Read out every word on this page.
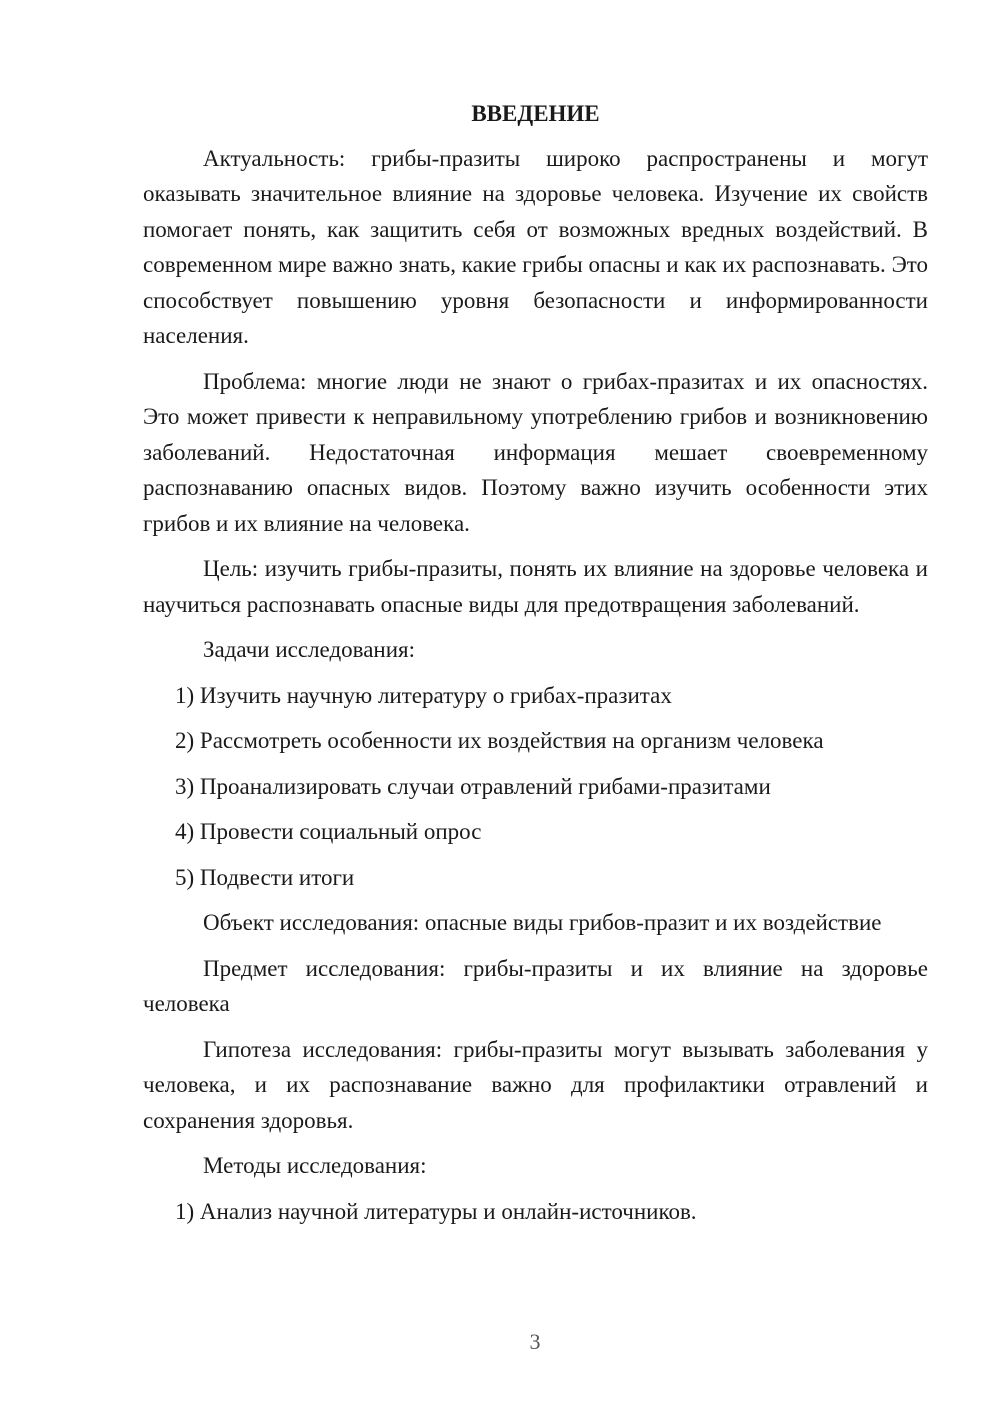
ВВЕДЕНИЕ

Актуальность: грибы-празиты широко распространены и могут оказывать значительное влияние на здоровье человека. Изучение их свойств помогает понять, как защитить себя от возможных вредных воздействий. В современном мире важно знать, какие грибы опасны и как их распознавать. Это способствует повышению уровня безопасности и информированности населения.

Проблема: многие люди не знают о грибах-празитах и их опасностях. Это может привести к неправильному употреблению грибов и возникновению заболеваний. Недостаточная информация мешает своевременному распознаванию опасных видов. Поэтому важно изучить особенности этих грибов и их влияние на человека.

Цель: изучить грибы-празиты, понять их влияние на здоровье человека и научиться распознавать опасные виды для предотвращения заболеваний.

Задачи исследования:

1) Изучить научную литературу о грибах-празитах
2) Рассмотреть особенности их воздействия на организм человека
3) Проанализировать случаи отравлений грибами-празитами
4) Провести социальный опрос
5) Подвести итоги

Объект исследования: опасные виды грибов-празит и их воздействие

Предмет исследования: грибы-празиты и их влияние на здоровье человека

Гипотеза исследования: грибы-празиты могут вызывать заболевания у человека, и их распознавание важно для профилактики отравлений и сохранения здоровья.

Методы исследования:

1) Анализ научной литературы и онлайн-источников.
3
